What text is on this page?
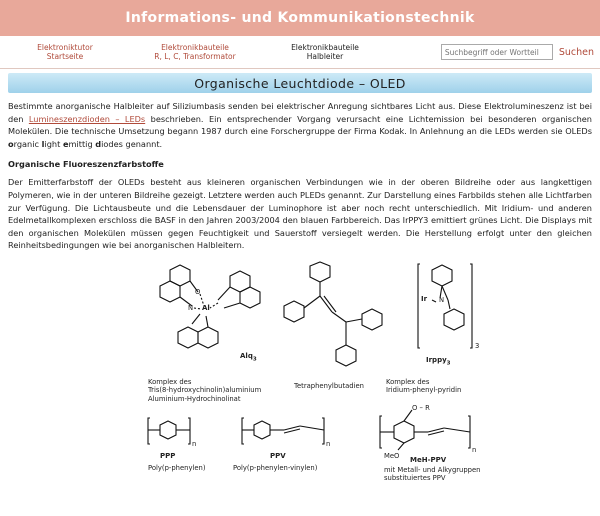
Informations- und Kommunikationstechnik
Elektroniktutor
Startseite
Elektronikbauteile
R, L, C, Transformator
Elektronikbauteile
Halbleiter
Suchbegriff oder Wortteil	Suchen
Organische Leuchtdiode – OLED

Bestimmte anorganische Halbleiter auf Siliziumbasis senden bei elektrischer Anregung sichtbares Licht aus. Diese Elektrolumineszenz ist bei den Lumineszenzdioden – LEDs beschrieben. Ein entsprechender Vorgang verursacht eine Lichtemission bei besonderen organischen Molekülen. Die technische Umsetzung begann 1987 durch eine Forschergruppe der Firma Kodak. In Anlehnung an die LEDs werden sie OLEDs organic light emittig diodes genannt.

Organische Fluoreszenzfarbstoffe

Der Emitterfarbstoff der OLEDs besteht aus kleineren organischen Verbindungen wie in der oberen Bildreihe oder aus langkettigen Polymeren, wie in der unteren Bildreihe gezeigt. Letztere werden auch PLEDs genannt. Zur Darstellung eines Farbbilds stehen alle Lichtfarben zur Verfügung. Die Lichtausbeute und die Lebensdauer der Luminophore ist aber noch recht unterschiedlich. Mit Iridium- und anderen Edelmetallkomplexen erschloss die BASF in den Jahren 2003/2004 den blauen Farbbereich. Das IrPPY3 emittiert grünes Licht. Die Displays mit den organischen Molekülen müssen gegen Feuchtigkeit und Sauerstoff versiegelt werden. Die Herstellung erfolgt unter den gleichen Reinheitsbedingungen wie bei anorganischen Halbleitern.

Al
O
N
Alq$_3$
Komplex des
Tris(8-hydroxychinolin)aluminium
Aluminium-Hydrochinolinat
Tetraphenylbutadien
Ir N
3
Irppy$_3$
Komplex des
Iridium-phenyl-pyridin
n
PPP
Poly(p-phenylen)
n
PPV
Poly(p-phenylen-vinylen)
O – R
MeO
n
MeH-PPV
mit Metall- und Alkygruppen
substituiertes PPV
